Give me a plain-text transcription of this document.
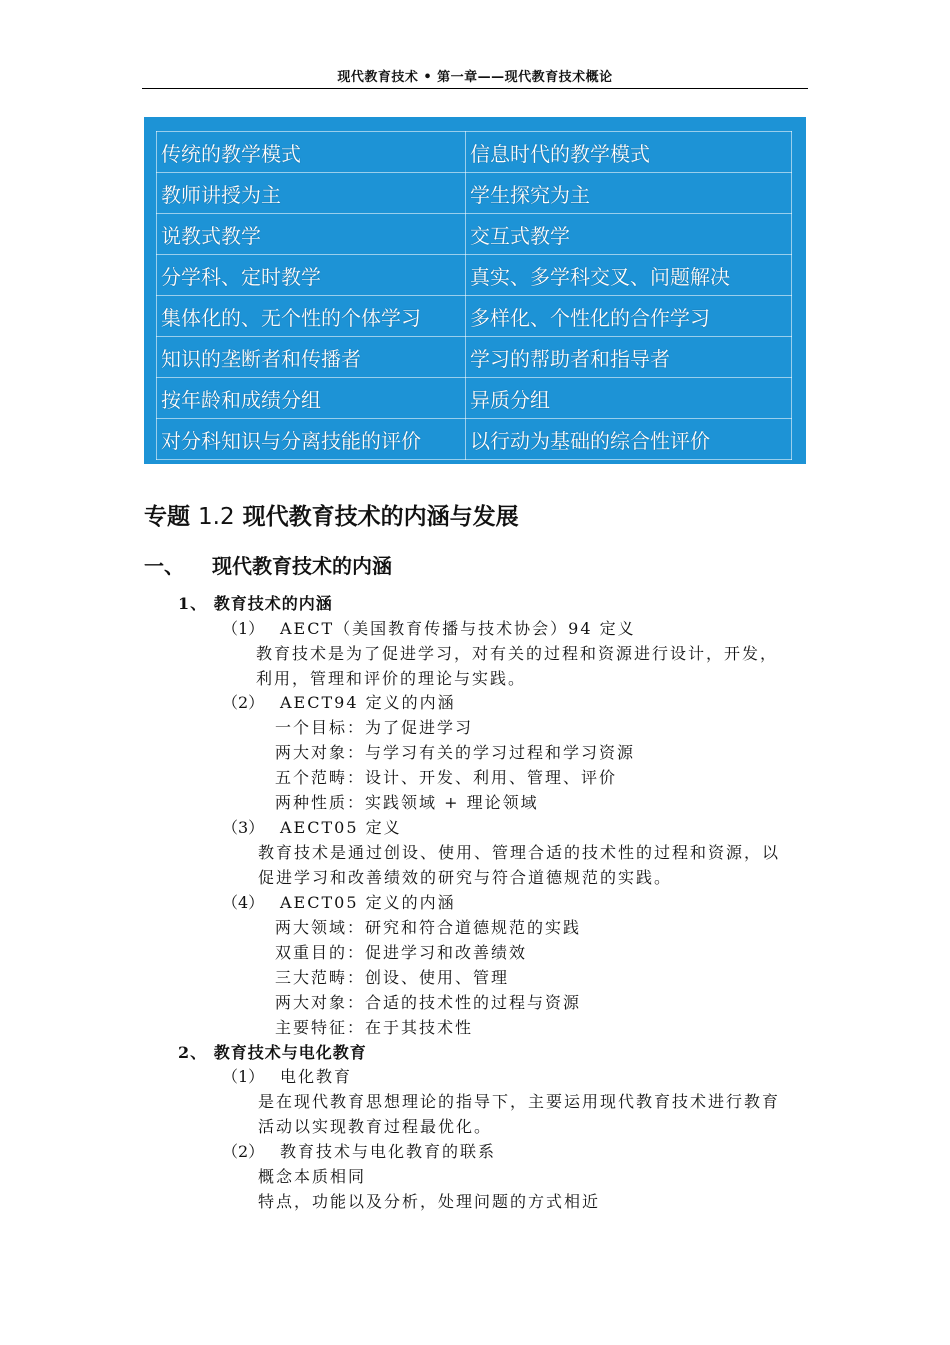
现代教育技术 • 第一章——现代教育技术概论
传统的教学模式	信息时代的教学模式
教师讲授为主	学生探究为主
说教式教学	交互式教学
分学科、定时教学	真实、多学科交叉、问题解决
集体化的、无个性的个体学习	多样化、个性化的合作学习
知识的垄断者和传播者	学习的帮助者和指导者
按年龄和成绩分组	异质分组
对分科知识与分离技能的评价	以行动为基础的综合性评价
专题 1.2 现代教育技术的内涵与发展
一、 现代教育技术的内涵
1、 教育技术的内涵
（1） AECT（美国教育传播与技术协会）94 定义
教育技术是为了促进学习，对有关的过程和资源进行设计，开发，
利用，管理和评价的理论与实践。
（2） AECT94 定义的内涵
一个目标：为了促进学习
两大对象：与学习有关的学习过程和学习资源
五个范畴：设计、开发、利用、管理、评价
两种性质：实践领域 + 理论领域
（3） AECT05 定义
教育技术是通过创设、使用、管理合适的技术性的过程和资源，以
促进学习和改善绩效的研究与符合道德规范的实践。
（4） AECT05 定义的内涵
两大领域：研究和符合道德规范的实践
双重目的：促进学习和改善绩效
三大范畴：创设、使用、管理
两大对象：合适的技术性的过程与资源
主要特征：在于其技术性
2、 教育技术与电化教育
（1） 电化教育
是在现代教育思想理论的指导下，主要运用现代教育技术进行教育
活动以实现教育过程最优化。
（2） 教育技术与电化教育的联系
概念本质相同
特点，功能以及分析，处理问题的方式相近
